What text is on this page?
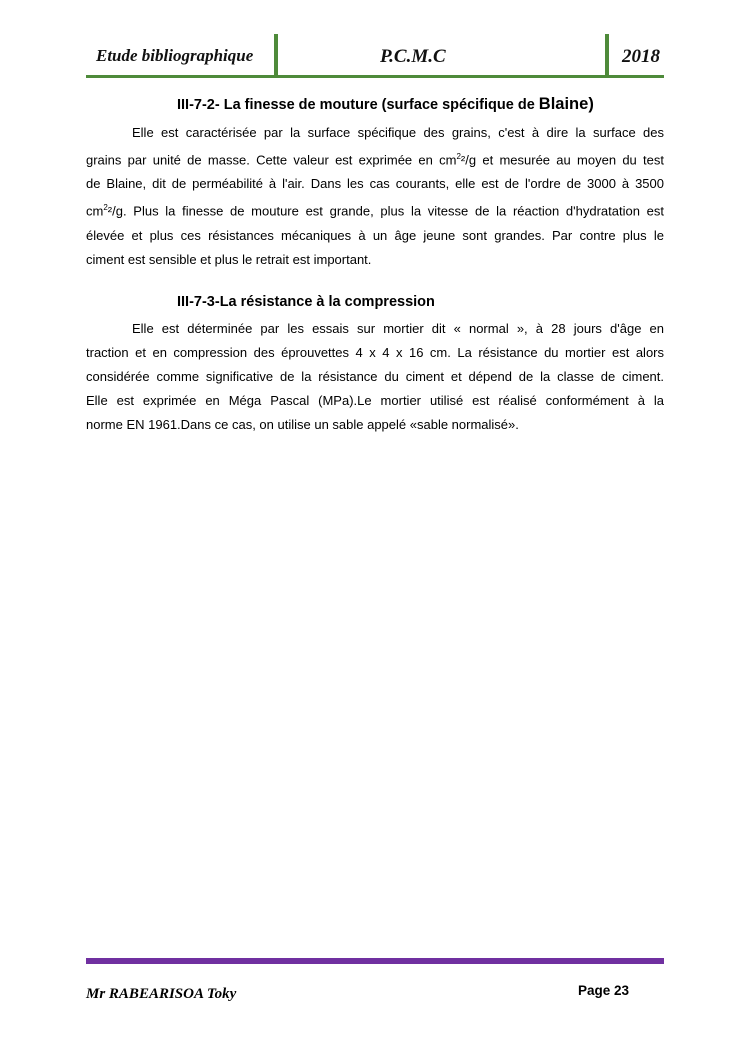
Etude bibliographique	P.C.M.C	2018
III-7-2- La finesse de mouture (surface spécifique de Blaine)
Elle est caractérisée par la surface spécifique des grains, c'est à dire la surface des
grains par unité de masse. Cette valeur est exprimée en $cm^2^2/g$ et mesurée au moyen du test
de Blaine, dit de perméabilité à l'air. Dans les cas courants, elle est de l'ordre de 3000 à 3500
$cm^2^2/g$. Plus la finesse de mouture est grande, plus la vitesse de la réaction d'hydratation est
élevée et plus ces résistances mécaniques à un âge jeune sont grandes. Par contre plus le
ciment est sensible et plus le retrait est important.
III-7-3-La résistance à la compression
Elle est déterminée par les essais sur mortier dit « normal », à 28 jours d'âge en
traction et en compression des éprouvettes 4 x 4 x 16 cm. La résistance du mortier est alors
considérée comme significative de la résistance du ciment et dépend de la classe de ciment.
Elle est exprimée en Méga Pascal (MPa).Le mortier utilisé est réalisé conformément à la
norme EN 1961.Dans ce cas, on utilise un sable appelé «sable normalisé».
Mr RABEARISOA Toky	Page 23
